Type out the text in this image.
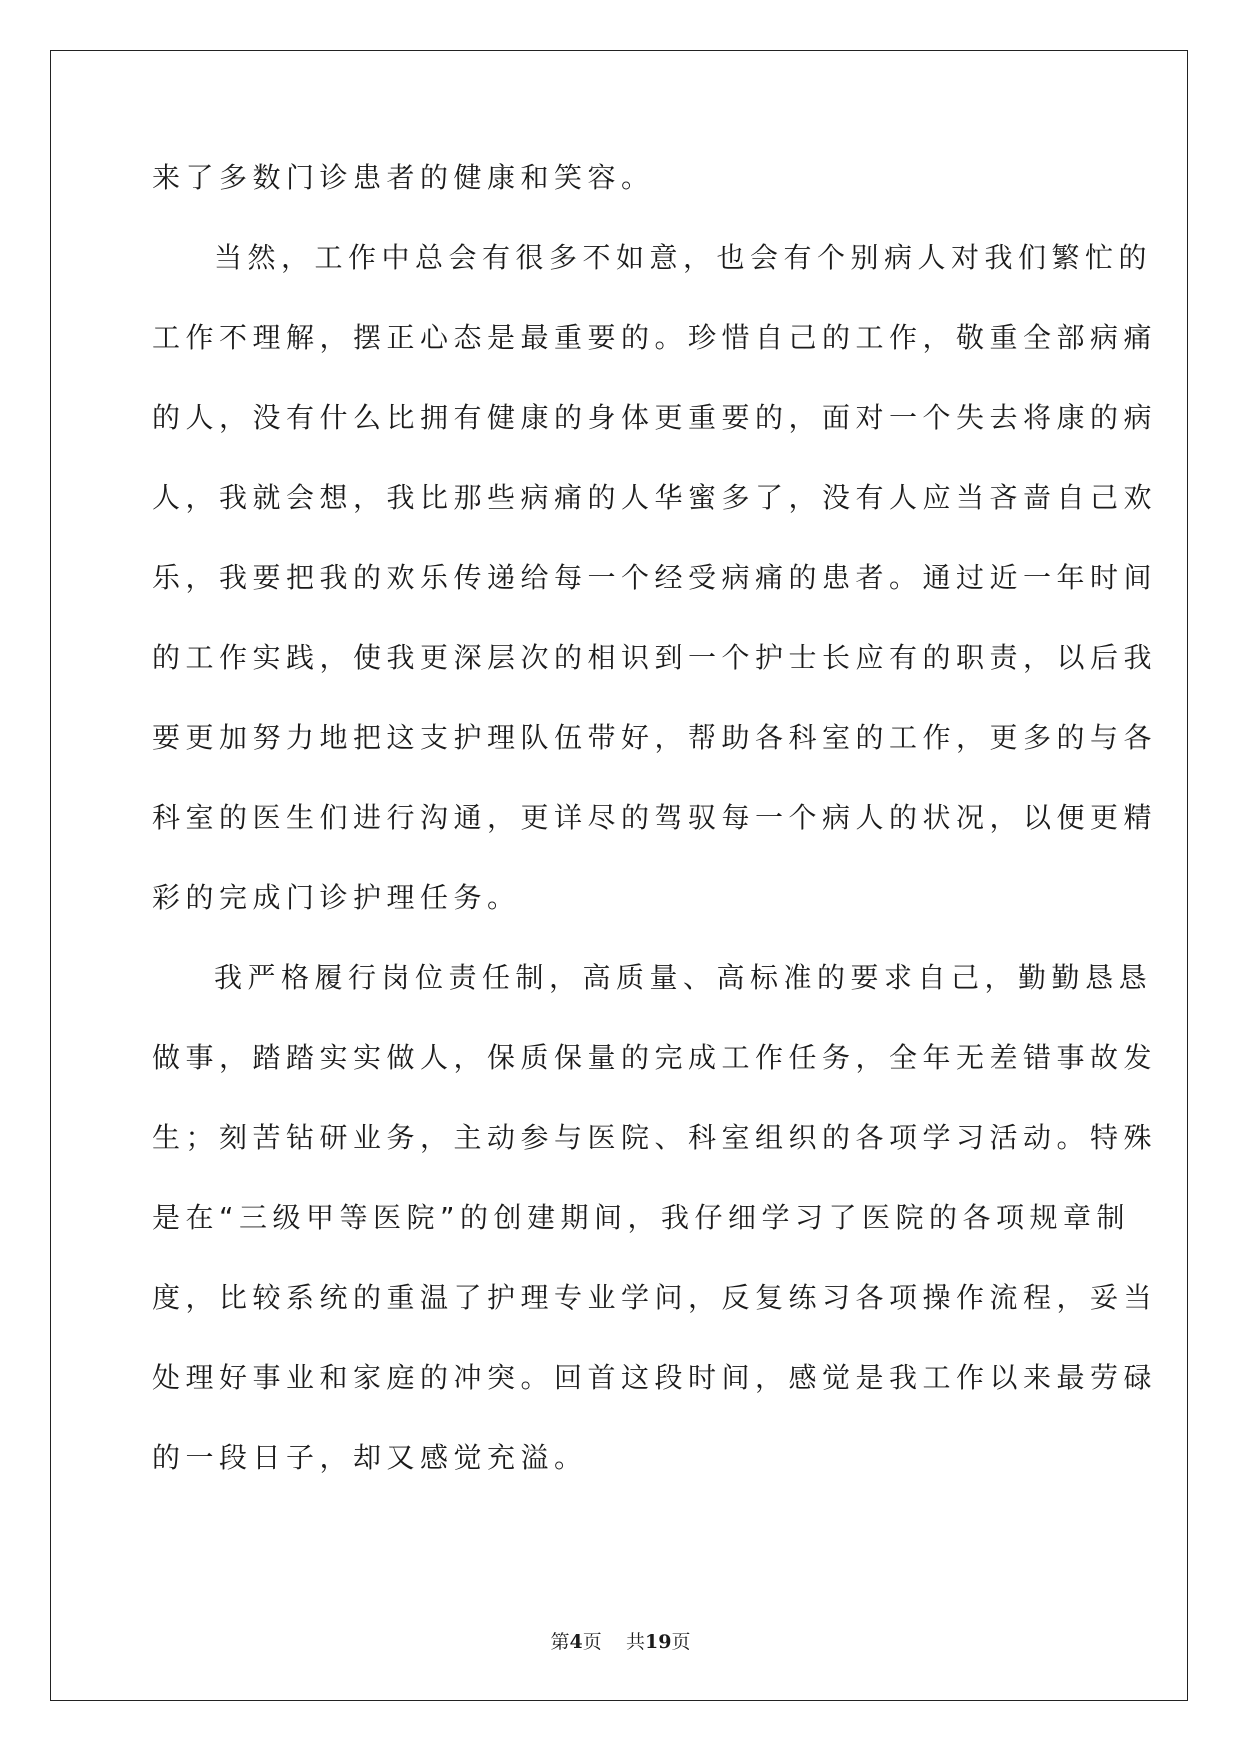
来了多数门诊患者的健康和笑容。
当然，工作中总会有很多不如意，也会有个别病人对我们繁忙的
工作不理解，摆正心态是最重要的。珍惜自己的工作，敬重全部病痛
的人，没有什么比拥有健康的身体更重要的，面对一个失去将康的病
人，我就会想，我比那些病痛的人华蜜多了，没有人应当吝啬自己欢
乐，我要把我的欢乐传递给每一个经受病痛的患者。通过近一年时间
的工作实践，使我更深层次的相识到一个护士长应有的职责，以后我
要更加努力地把这支护理队伍带好，帮助各科室的工作，更多的与各
科室的医生们进行沟通，更详尽的驾驭每一个病人的状况，以便更精
彩的完成门诊护理任务。
我严格履行岗位责任制，高质量、高标准的要求自己，勤勤恳恳
做事，踏踏实实做人，保质保量的完成工作任务，全年无差错事故发
生；刻苦钻研业务，主动参与医院、科室组织的各项学习活动。特殊
是在“三级甲等医院”的创建期间，我仔细学习了医院的各项规章制
度，比较系统的重温了护理专业学问，反复练习各项操作流程，妥当
处理好事业和家庭的冲突。回首这段时间，感觉是我工作以来最劳碌
的一段日子，却又感觉充溢。
第4页 共19页
